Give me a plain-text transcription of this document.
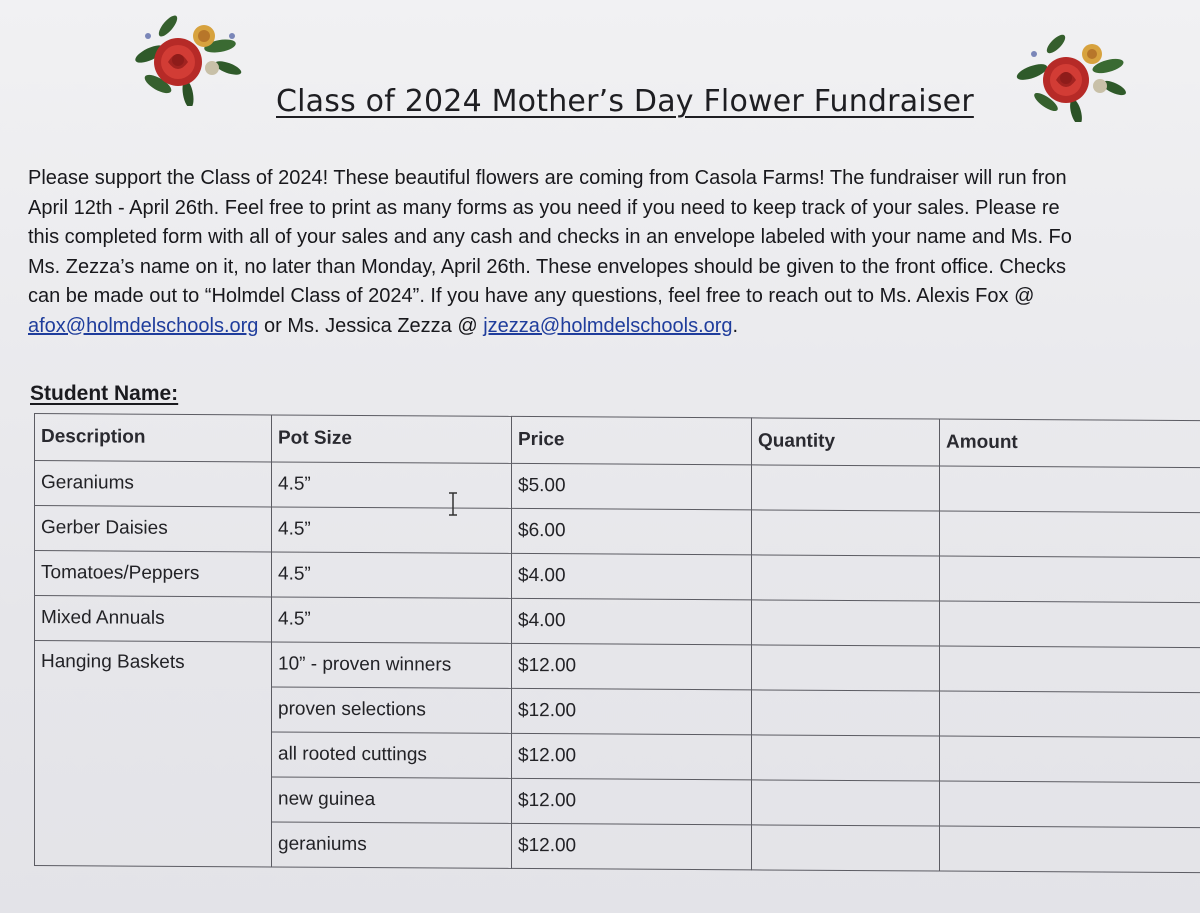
Class of 2024 Mother’s Day Flower Fundraiser
Please support the Class of 2024! These beautiful flowers are coming from Casola Farms! The fundraiser will run fron
April 12th - April 26th. Feel free to print as many forms as you need if you need to keep track of your sales. Please re
this completed form with all of your sales and any cash and checks in an envelope labeled with your name and Ms. Fo
Ms. Zezza’s name on it, no later than Monday, April 26th. These envelopes should be given to the front office. Checks
can be made out to “Holmdel Class of 2024”. If you have any questions, feel free to reach out to Ms. Alexis Fox @
afox@holmdelschools.org or Ms. Jessica Zezza @ jzezza@holmdelschools.org.
Student Name:
Description	Pot Size	Price	Quantity	Amount
Geraniums	4.5”	$5.00		
Gerber Daisies	4.5”	$6.00		
Tomatoes/Peppers	4.5”	$4.00		
Mixed Annuals	4.5”	$4.00		
Hanging Baskets	10” - proven winners	$12.00		
	proven selections	$12.00		
	all rooted cuttings	$12.00		
	new guinea	$12.00		
	geraniums	$12.00		
